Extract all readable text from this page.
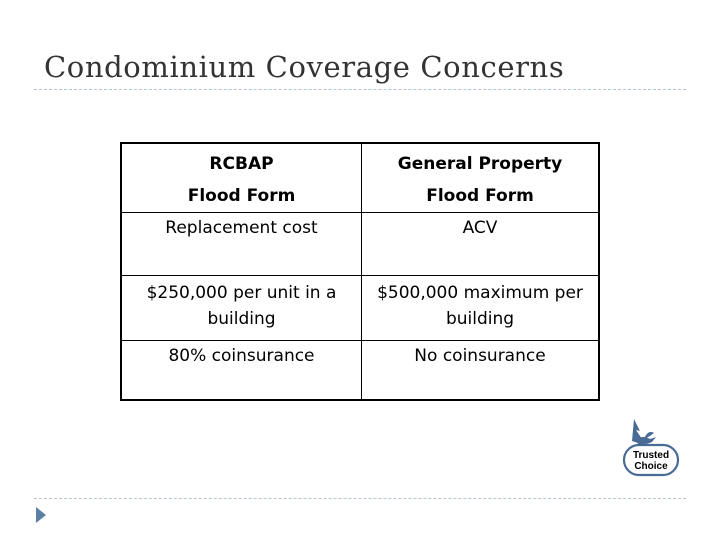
Condominium Coverage Concerns
RCBAP
Flood Form
General Property
Flood Form
Replacement cost	ACV
$250,000 per unit in a
building
$500,000 maximum per
building
80% coinsurance	No coinsurance
Trusted
Choice
